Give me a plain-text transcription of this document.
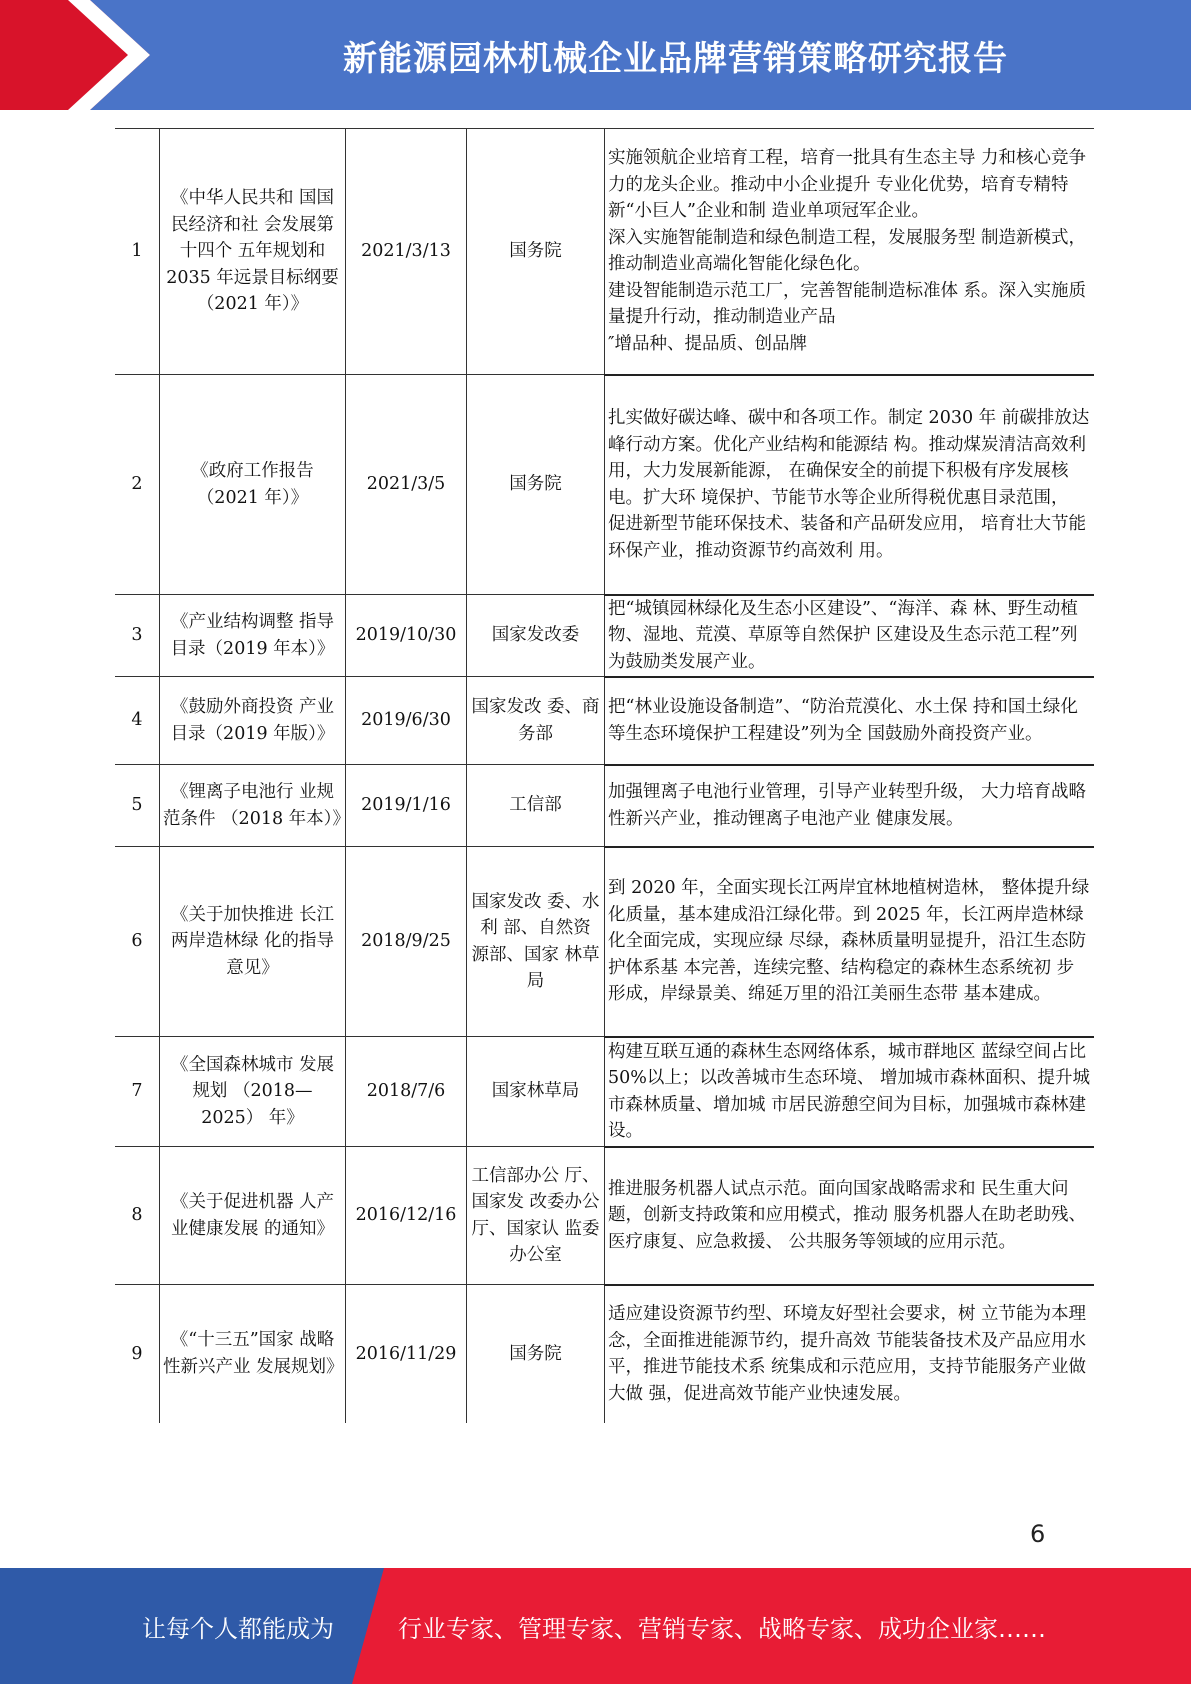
新能源园林机械企业品牌营销策略研究报告
1	《中华人民共和 国国民经济和社 会发展第十四个 五年规划和 2035 年远景目标纲要 （2021 年）》	2021/3/13	国务院	实施领航企业培育工程，培育一批具有生态主导 力和核心竞争力的龙头企业。推动中小企业提升 专业化优势，培育专精特新“小巨人”企业和制 造业单项冠军企业。
深入实施智能制造和绿色制造工程，发展服务型 制造新模式，推动制造业高端化智能化绿色化。
建设智能制造示范工厂，完善智能制造标准体 系。深入实施质量提升行动，推动制造业产品
″增品种、提品质、创品牌

2	《政府工作报告 （2021 年）》	2021/3/5	国务院	扎实做好碳达峰、碳中和各项工作。制定 2030 年 前碳排放达峰行动方案。优化产业结构和能源结 构。推动煤炭清洁高效利用，大力发展新能源， 在确保安全的前提下积极有序发展核电。扩大环 境保护、节能节水等企业所得税优惠目录范围， 促进新型节能环保技术、装备和产品研发应用， 培育壮大节能环保产业，推动资源节约高效利 用。

3	《产业结构调整 指导目录（2019 年本）》	2019/10/30	国家发改委	把“城镇园林绿化及生态小区建设”、“海洋、森 林、野生动植物、湿地、荒漠、草原等自然保护 区建设及生态示范工程”列为鼓励类发展产业。

4	《鼓励外商投资 产业目录（2019 年版）》	2019/6/30	国家发改 委、商务部	把“林业设施设备制造”、“防治荒漠化、水土保 持和国土绿化等生态环境保护工程建设”列为全 国鼓励外商投资产业。

5	《锂离子电池行 业规范条件 （2018 年本）》	2019/1/16	工信部	加强锂离子电池行业管理，引导产业转型升级， 大力培育战略性新兴产业，推动锂离子电池产业 健康发展。

6	《关于加快推进 长江两岸造林绿 化的指导意见》	2018/9/25	国家发改 委、水利 部、自然资 源部、国家 林草局	到 2020 年，全面实现长江两岸宜林地植树造林， 整体提升绿化质量，基本建成沿江绿化带。到 2025 年，长江两岸造林绿化全面完成，实现应绿 尽绿，森林质量明显提升，沿江生态防护体系基 本完善，连续完整、结构稳定的森林生态系统初 步形成，岸绿景美、绵延万里的沿江美丽生态带 基本建成。

7	《全国森林城市 发展规划 （2018—2025） 年》	2018/7/6	国家林草局	构建互联互通的森林生态网络体系，城市群地区 蓝绿空间占比 50%以上；以改善城市生态环境、 增加城市森林面积、提升城市森林质量、增加城 市居民游憩空间为目标，加强城市森林建设。

8	《关于促进机器 人产业健康发展 的通知》	2016/12/16	工信部办公 厅、国家发 改委办公 厅、国家认 监委办公室	推进服务机器人试点示范。面向国家战略需求和 民生重大问题，创新支持政策和应用模式，推动 服务机器人在助老助残、医疗康复、应急救援、 公共服务等领域的应用示范。

9	《“十三五”国家 战略性新兴产业 发展规划》	2016/11/29	国务院	适应建设资源节约型、环境友好型社会要求，树 立节能为本理念，全面推进能源节约，提升高效 节能装备技术及产品应用水平，推进节能技术系 统集成和示范应用，支持节能服务产业做大做 强，促进高效节能产业快速发展。
6
让每个人都能成为	行业专家、管理专家、营销专家、战略专家、成功企业家……
